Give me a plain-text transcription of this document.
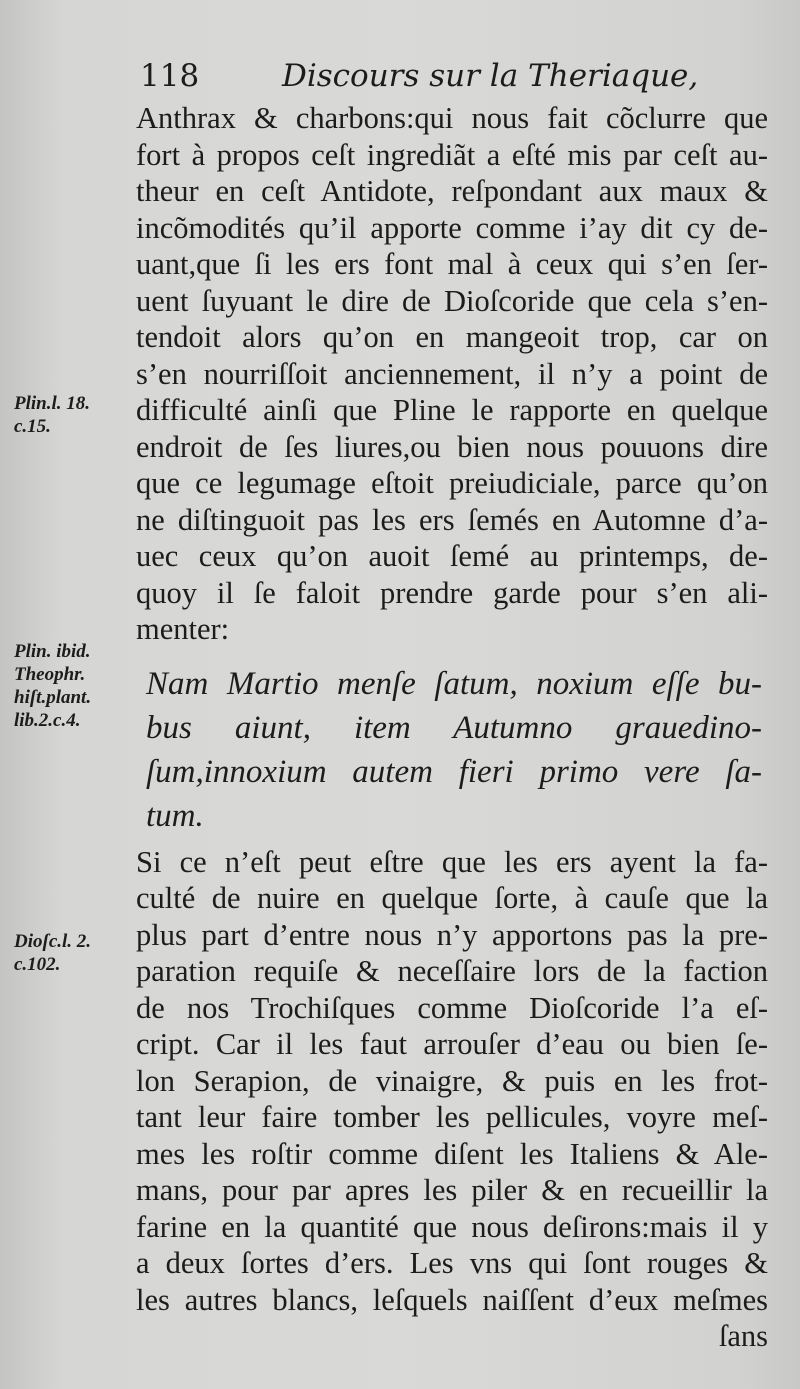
118	Discours sur la Theriaque,
Plin.l. 18.
c.15.
Plin. ibid.
Theophr.
hiſt.plant.
lib.2.c.4.
Dioſc.l. 2.
c.102.
Anthrax & charbons:qui nous fait cõclurre que
fort à propos ceſt ingrediãt a eſté mis par ceſt au-
theur en ceſt Antidote, reſpondant aux maux &
incõmodités qu’il apporte comme i’ay dit cy de-
uant,que ſi les ers font mal à ceux qui s’en ſer-
uent ſuyuant le dire de Dioſcoride que cela s’en-
tendoit alors qu’on en mangeoit trop, car on
s’en nourriſſoit anciennement, il n’y a point de
difficulté ainſi que Pline le rapporte en quelque
endroit de ſes liures,ou bien nous pouuons dire
que ce legumage eſtoit preiudiciale, parce qu’on
ne diſtinguoit pas les ers ſemés en Automne d’a-
uec ceux qu’on auoit ſemé au printemps, de-
quoy il ſe faloit prendre garde pour s’en ali-
menter:
Nam Martio menſe ſatum, noxium eſſe bu-
bus aiunt, item Autumno grauedino-
ſum,innoxium autem fieri primo vere ſa-
tum.
Si ce n’eſt peut eſtre que les ers ayent la fa-
culté de nuire en quelque ſorte, à cauſe que la
plus part d’entre nous n’y apportons pas la pre-
paration requiſe & neceſſaire lors de la faction
de nos Trochiſques comme Dioſcoride l’a eſ-
cript. Car il les faut arrouſer d’eau ou bien ſe-
lon Serapion, de vinaigre, & puis en les frot-
tant leur faire tomber les pellicules, voyre meſ-
mes les roſtir comme diſent les Italiens & Ale-
mans, pour par apres les piler & en recueillir la
farine en la quantité que nous deſirons:mais il y
a deux ſortes d’ers. Les vns qui ſont rouges &
les autres blancs, leſquels naiſſent d’eux meſmes
ſans
